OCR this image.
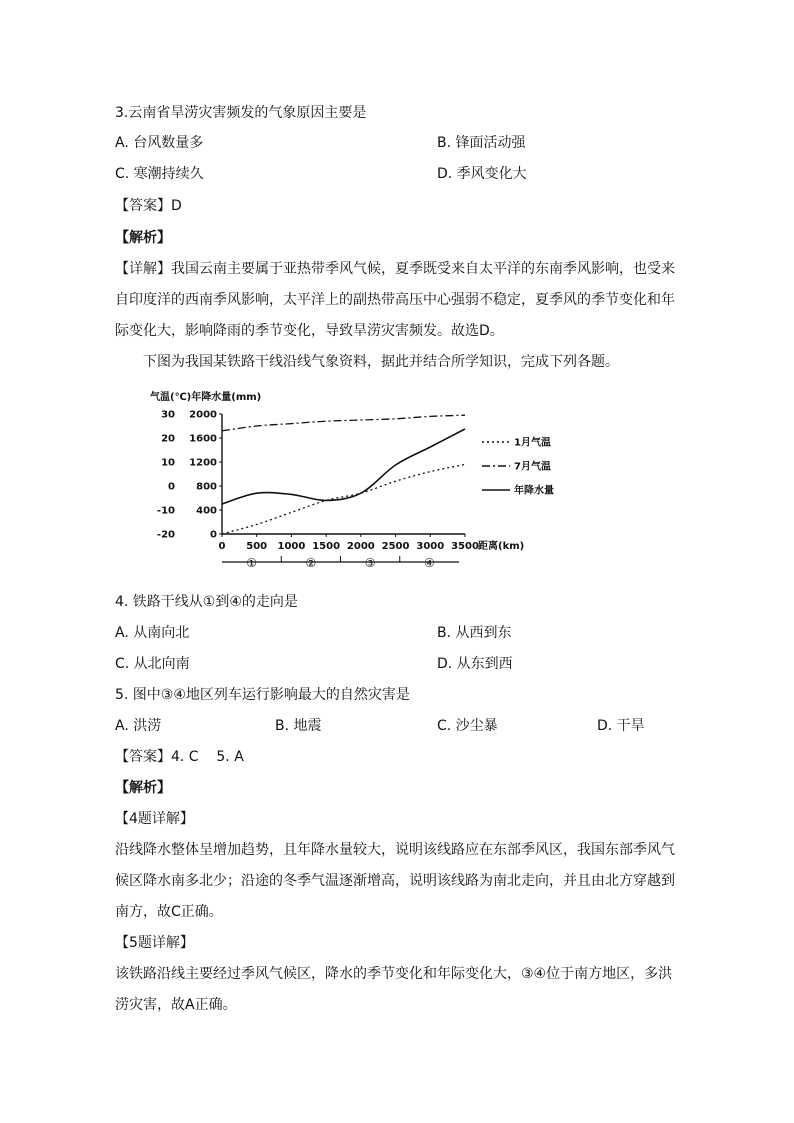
3.云南省旱涝灾害频发的气象原因主要是
A. 台风数量多	B. 锋面活动强
C. 寒潮持续久	D. 季风变化大
【答案】D
【解析】
【详解】我国云南主要属于亚热带季风气候，夏季既受来自太平洋的东南季风影响，也受来
自印度洋的西南季风影响，太平洋上的副热带高压中心强弱不稳定，夏季风的季节变化和年
际变化大，影响降雨的季节变化，导致旱涝灾害频发。故选D。
下图为我国某铁路干线沿线气象资料，据此并结合所学知识，完成下列各题。
气温(℃)年降水量(mm)
30
20
10
0
-10
-20
2000
1600
1200
800
400
0
0 500 1000 1500 2000 2500 3000 3500 距离(km)
①	②	③	④
1月气温
7月气温
年降水量
4. 铁路干线从①到④的走向是
A. 从南向北	B. 从西到东
C. 从北向南	D. 从东到西
5. 图中③④地区列车运行影响最大的自然灾害是
A. 洪涝	B. 地震	C. 沙尘暴	D. 干旱
【答案】4. C    5. A
【解析】
【4题详解】
沿线降水整体呈增加趋势，且年降水量较大，说明该线路应在东部季风区，我国东部季风气
候区降水南多北少；沿途的冬季气温逐渐增高，说明该线路为南北走向，并且由北方穿越到
南方，故C正确。
【5题详解】
该铁路沿线主要经过季风气候区，降水的季节变化和年际变化大，③④位于南方地区，多洪
涝灾害，故A正确。
